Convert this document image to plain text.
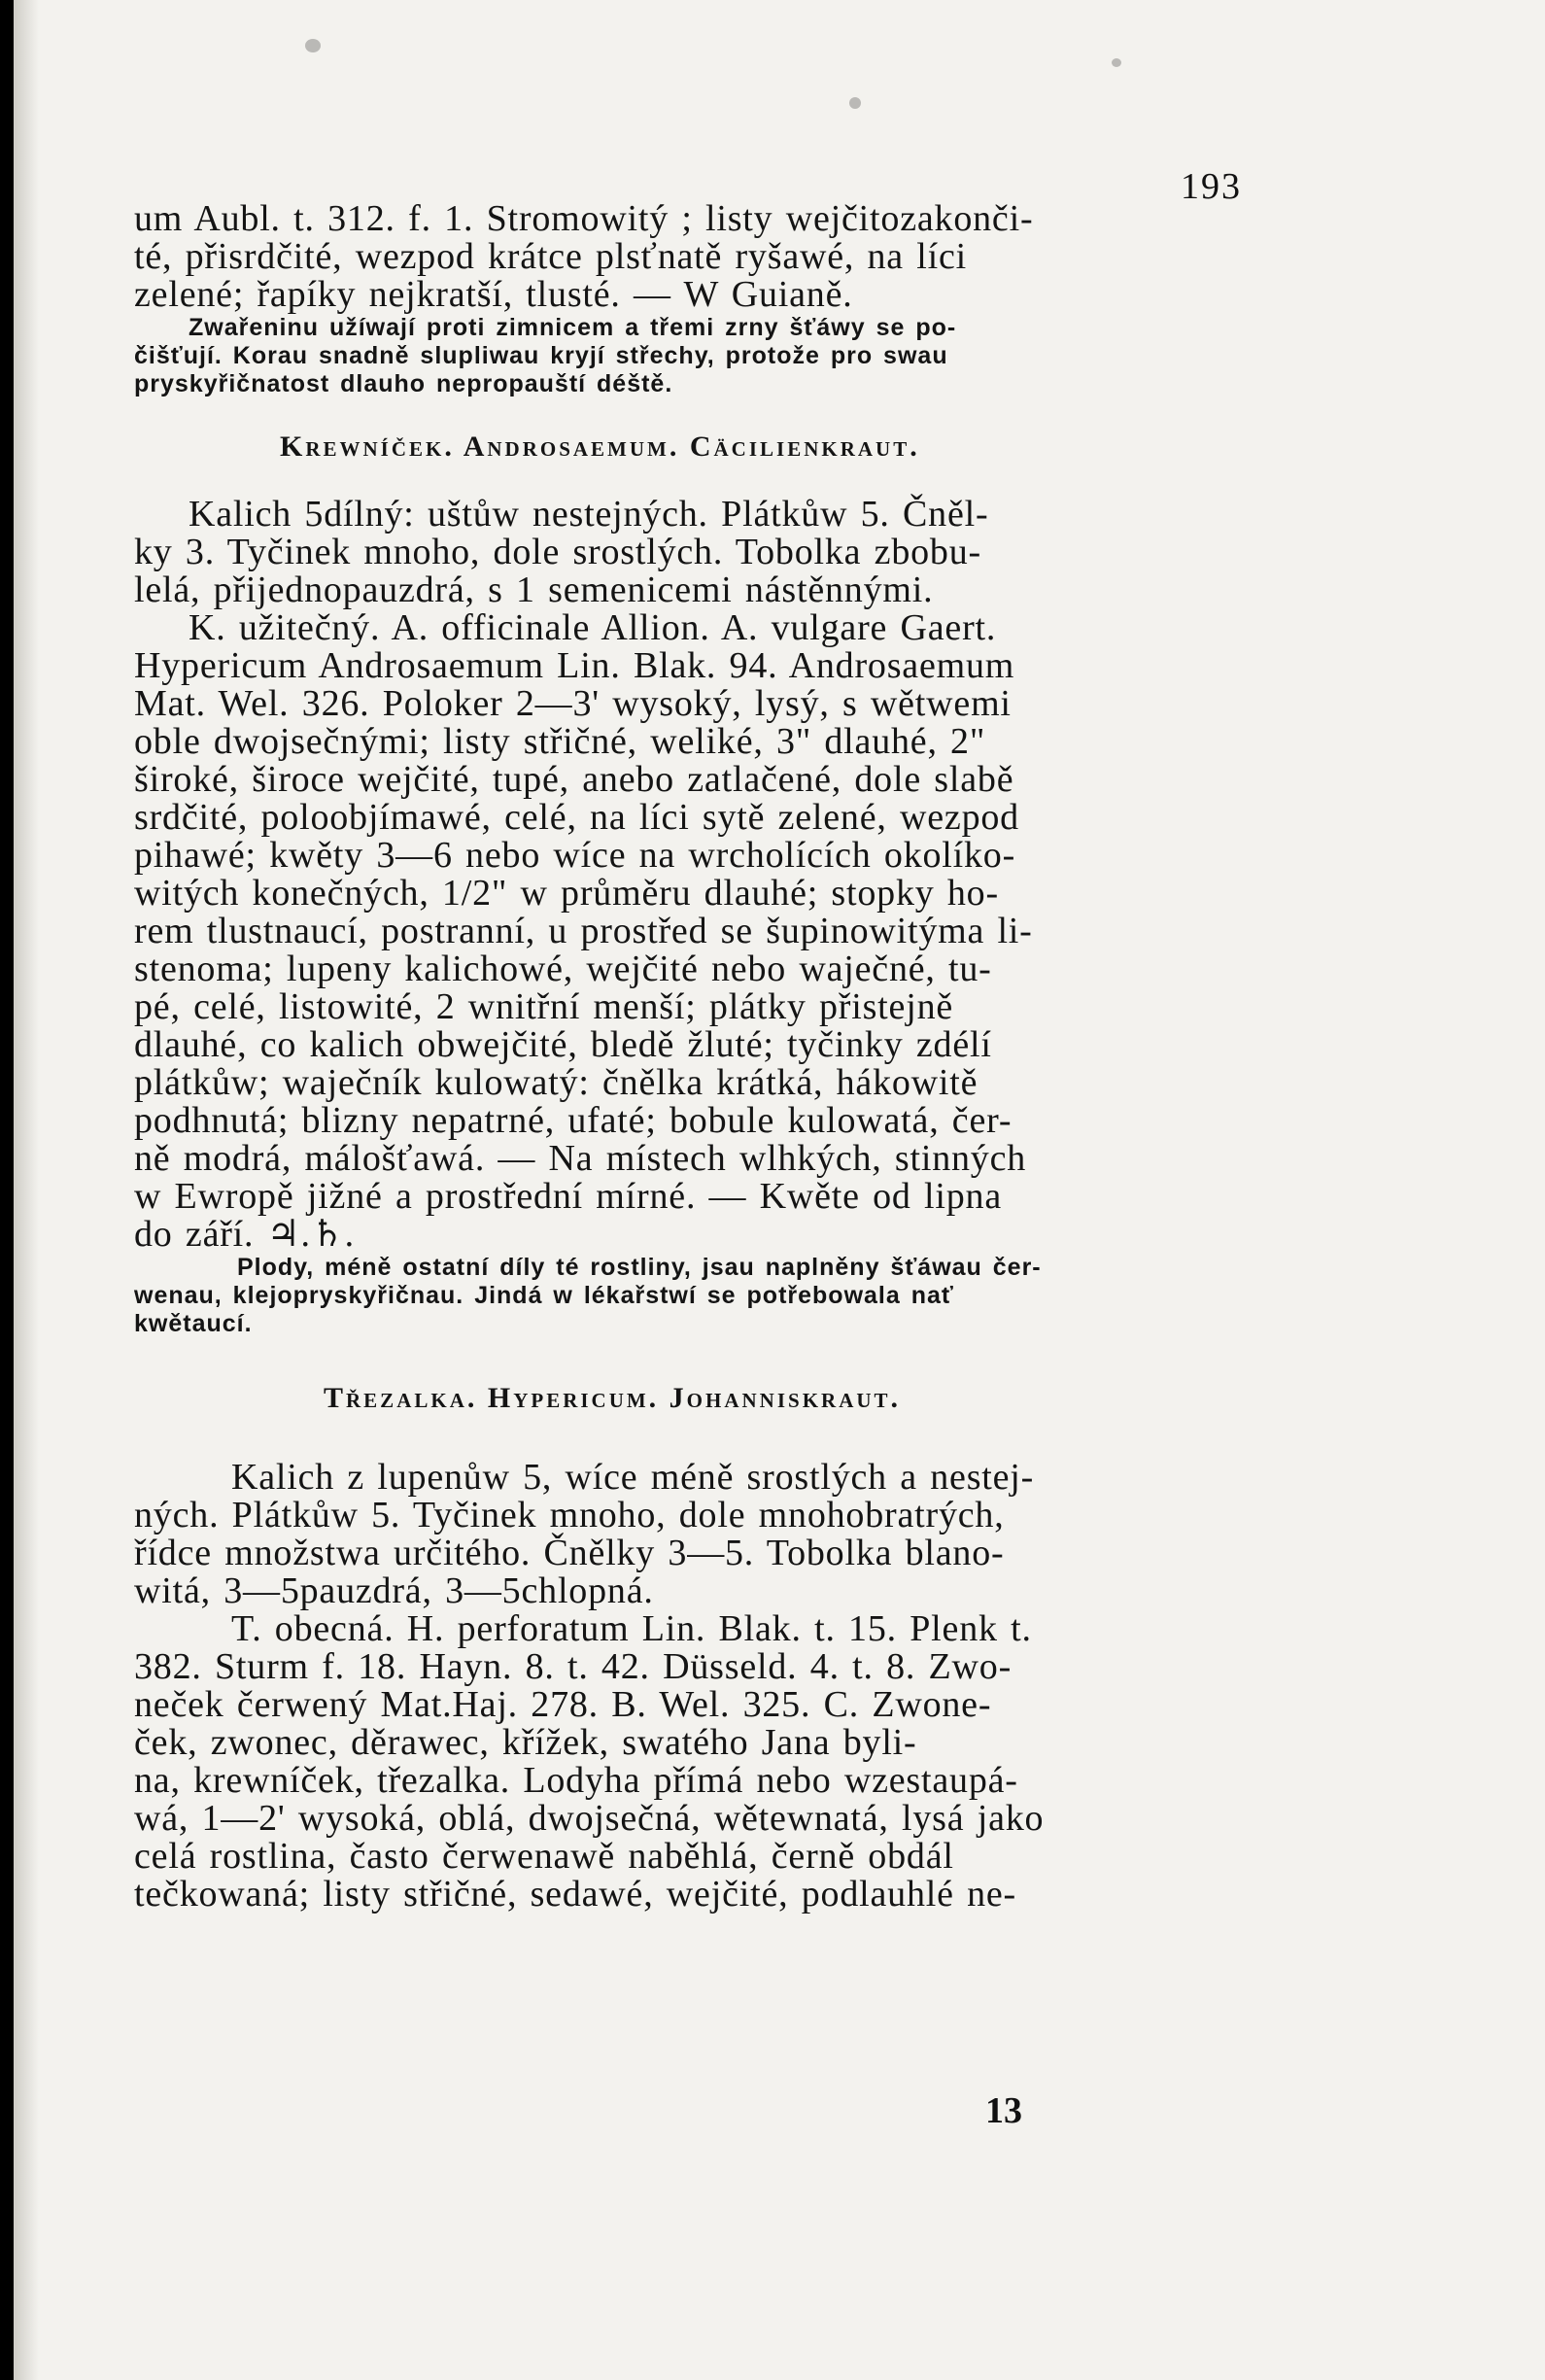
193
um Aubl. t. 312. f. 1. Stromowitý ; listy wejčitozakonči-
té, přisrdčité, wezpod krátce plsťnatě ryšawé, na líci
zelené; řapíky nejkratší, tlusté. — W Guianě.
Zwařeninu užíwají proti zimnicem a třemi zrny šťáwy se po-
čišťují. Korau snadně slupliwau kryjí střechy, protože pro swau
pryskyřičnatost dlauho nepropauští déště.
Krewníček. Androsaemum. Cäcilienkraut.
Kalich 5dílný: uštůw nestejných. Plátkůw 5. Čněl-
ky 3. Tyčinek mnoho, dole srostlých. Tobolka zbobu-
lelá, přijednopauzdrá, s 1 semenicemi nástěnnými.
K. užitečný. A. officinale Allion. A. vulgare Gaert.
Hypericum Androsaemum Lin. Blak. 94. Androsaemum
Mat. Wel. 326. Poloker 2—3' wysoký, lysý, s wětwemi
oble dwojsečnými; listy střičné, weliké, 3" dlauhé, 2"
široké, široce wejčité, tupé, anebo zatlačené, dole slabě
srdčité, poloobjímawé, celé, na líci sytě zelené, wezpod
pihawé; kwěty 3—6 nebo wíce na wrcholících okolíko-
witých konečných, 1/2" w průměru dlauhé; stopky ho-
rem tlustnaucí, postranní, u prostřed se šupinowitýma li-
stenoma; lupeny kalichowé, wejčité nebo waječné, tu-
pé, celé, listowité, 2 wnitřní menší; plátky přistejně
dlauhé, co kalich obwejčité, bledě žluté; tyčinky zdélí
plátkůw; waječník kulowatý: čnělka krátká, hákowitě
podhnutá; blizny nepatrné, ufaté; bobule kulowatá, čer-
ně modrá, málošťawá. — Na místech wlhkých, stinných
w Ewropě jižné a prostřední mírné. — Kwěte od lipna
do září. ♃.♄.
Plody, méně ostatní díly té rostliny, jsau naplněny šťáwau čer-
wenau, klejopryskyřičnau. Jindá w lékařstwí se potřebowala nať
kwětaucí.
Třezalka. Hypericum. Johanniskraut.
Kalich z lupenůw 5, wíce méně srostlých a nestej-
ných. Plátkůw 5. Tyčinek mnoho, dole mnohobratrých,
řídce množstwa určitého. Čnělky 3—5. Tobolka blano-
witá, 3—5pauzdrá, 3—5chlopná.
T. obecná. H. perforatum Lin. Blak. t. 15. Plenk t.
382. Sturm f. 18. Hayn. 8. t. 42. Düsseld. 4. t. 8. Zwo-
neček čerwený Mat.Haj. 278. B. Wel. 325. C. Zwone-
ček, zwonec, děrawec, křížek, swatého Jana byli-
na, krewníček, třezalka. Lodyha přímá nebo wzestaupá-
wá, 1—2' wysoká, oblá, dwojsečná, wětewnatá, lysá jako
celá rostlina, často čerwenawě naběhlá, černě obdál
tečkowaná; listy střičné, sedawé, wejčité, podlauhlé ne-
13
